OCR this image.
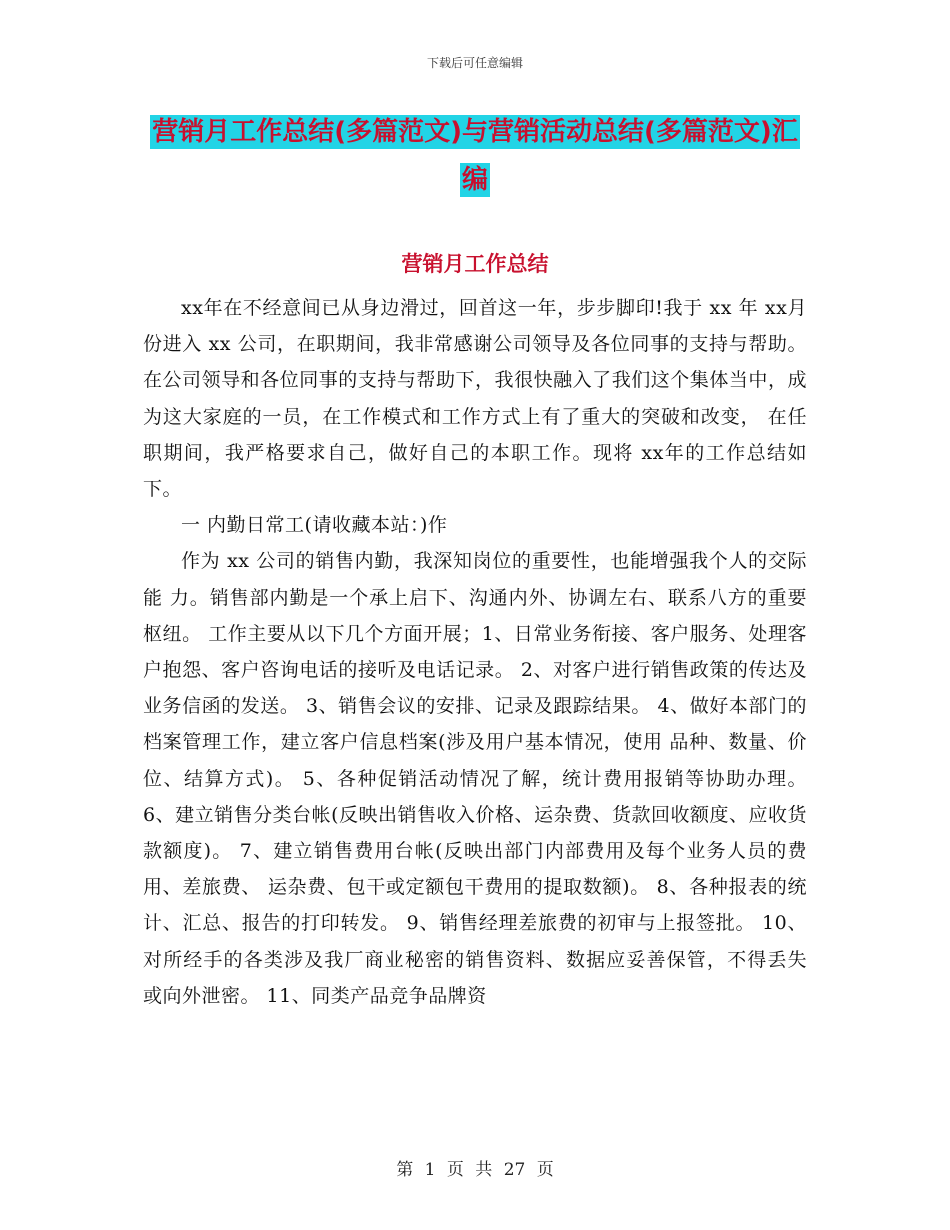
下载后可任意编辑
营销月工作总结(多篇范文)与营销活动总结(多篇范文)汇编
营销月工作总结

xx年在不经意间已从身边滑过，回首这一年，步步脚印!我于 xx 年 xx月份进入 xx 公司，在职期间，我非常感谢公司领导及各位同事的支持与帮助。 在公司领导和各位同事的支持与帮助下，我很快融入了我们这个集体当中，成为这大家庭的一员，在工作模式和工作方式上有了重大的突破和改变， 在任职期间，我严格要求自己，做好自己的本职工作。现将 xx年的工作总结如下。

一 内勤日常工(请收藏本站：)作

作为 xx 公司的销售内勤，我深知岗位的重要性，也能增强我个人的交际能 力。销售部内勤是一个承上启下、沟通内外、协调左右、联系八方的重要枢纽。 工作主要从以下几个方面开展；1、日常业务衔接、客户服务、处理客户抱怨、客户咨询电话的接听及电话记录。 2、对客户进行销售政策的传达及业务信函的发送。 3、销售会议的安排、记录及跟踪结果。 4、做好本部门的档案管理工作，建立客户信息档案(涉及用户基本情况，使用 品种、数量、价位、结算方式)。 5、各种促销活动情况了解，统计费用报销等协助办理。 6、建立销售分类台帐(反映出销售收入价格、运杂费、货款回收额度、应收货 款额度)。 7、建立销售费用台帐(反映出部门内部费用及每个业务人员的费用、差旅费、 运杂费、包干或定额包干费用的提取数额)。 8、各种报表的统计、汇总、报告的打印转发。 9、销售经理差旅费的初审与上报签批。 10、对所经手的各类涉及我厂商业秘密的销售资料、数据应妥善保管，不得丢失 或向外泄密。 11、同类产品竞争品牌资

第 1 页 共 27 页
